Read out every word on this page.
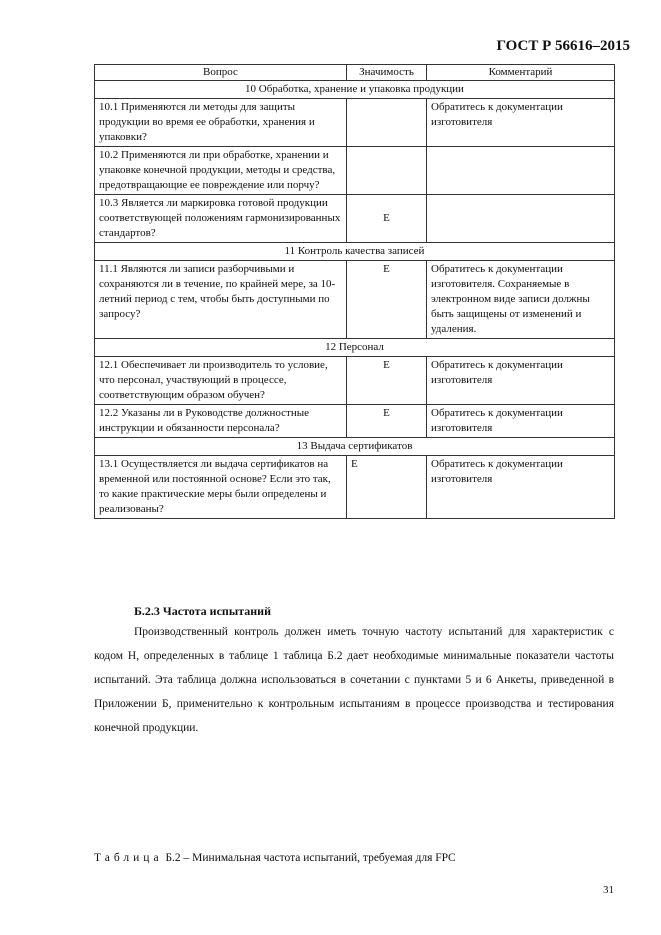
ГОСТ Р 56616–2015
Вопрос	Значимость	Комментарий
10 Обработка, хранение и упаковка продукции		
10.1 Применяются ли методы для защиты продукции во время ее обработки, хранения и упаковки?		Обратитесь к документации изготовителя
10.2 Применяются ли при обработке, хранении и упаковке конечной продукции, методы и средства, предотвращающие ее повреждение или порчу?		
10.3 Является ли маркировка готовой продукции соответствующей положениям гармонизированных стандартов?	Е	
11 Контроль качества записей		
11.1 Являются ли записи разборчивыми и сохраняются ли в течение, по крайней мере, за 10-летний период с тем, чтобы быть доступными по запросу?	Е	Обратитесь к документации изготовителя. Сохраняемые в электронном виде записи должны быть защищены от изменений и удаления.
12 Персонал		
12.1 Обеспечивает ли производитель то условие, что персонал, участвующий в процессе, соответствующим образом обучен?	Е	Обратитесь к документации изготовителя
12.2 Указаны ли в Руководстве должностные инструкции и обязанности персонала?	Е	Обратитесь к документации изготовителя
13 Выдача сертификатов		
13.1 Осуществляется ли выдача сертификатов на временной или постоянной основе? Если это так, то какие практические меры были определены и реализованы?	Е	Обратитесь к документации изготовителя
Б.2.3 Частота испытаний

Производственный контроль должен иметь точную частоту испытаний для характеристик с кодом H, определенных в таблице 1 таблица Б.2 дает необходимые минимальные показатели частоты испытаний. Эта таблица должна использоваться в сочетании с пунктами 5 и 6 Анкеты, приведенной в Приложении Б, применительно к контрольным испытаниям в процессе производства и тестирования конечной продукции.

Таблица Б.2 – Минимальная частота испытаний, требуемая для FPC
31
